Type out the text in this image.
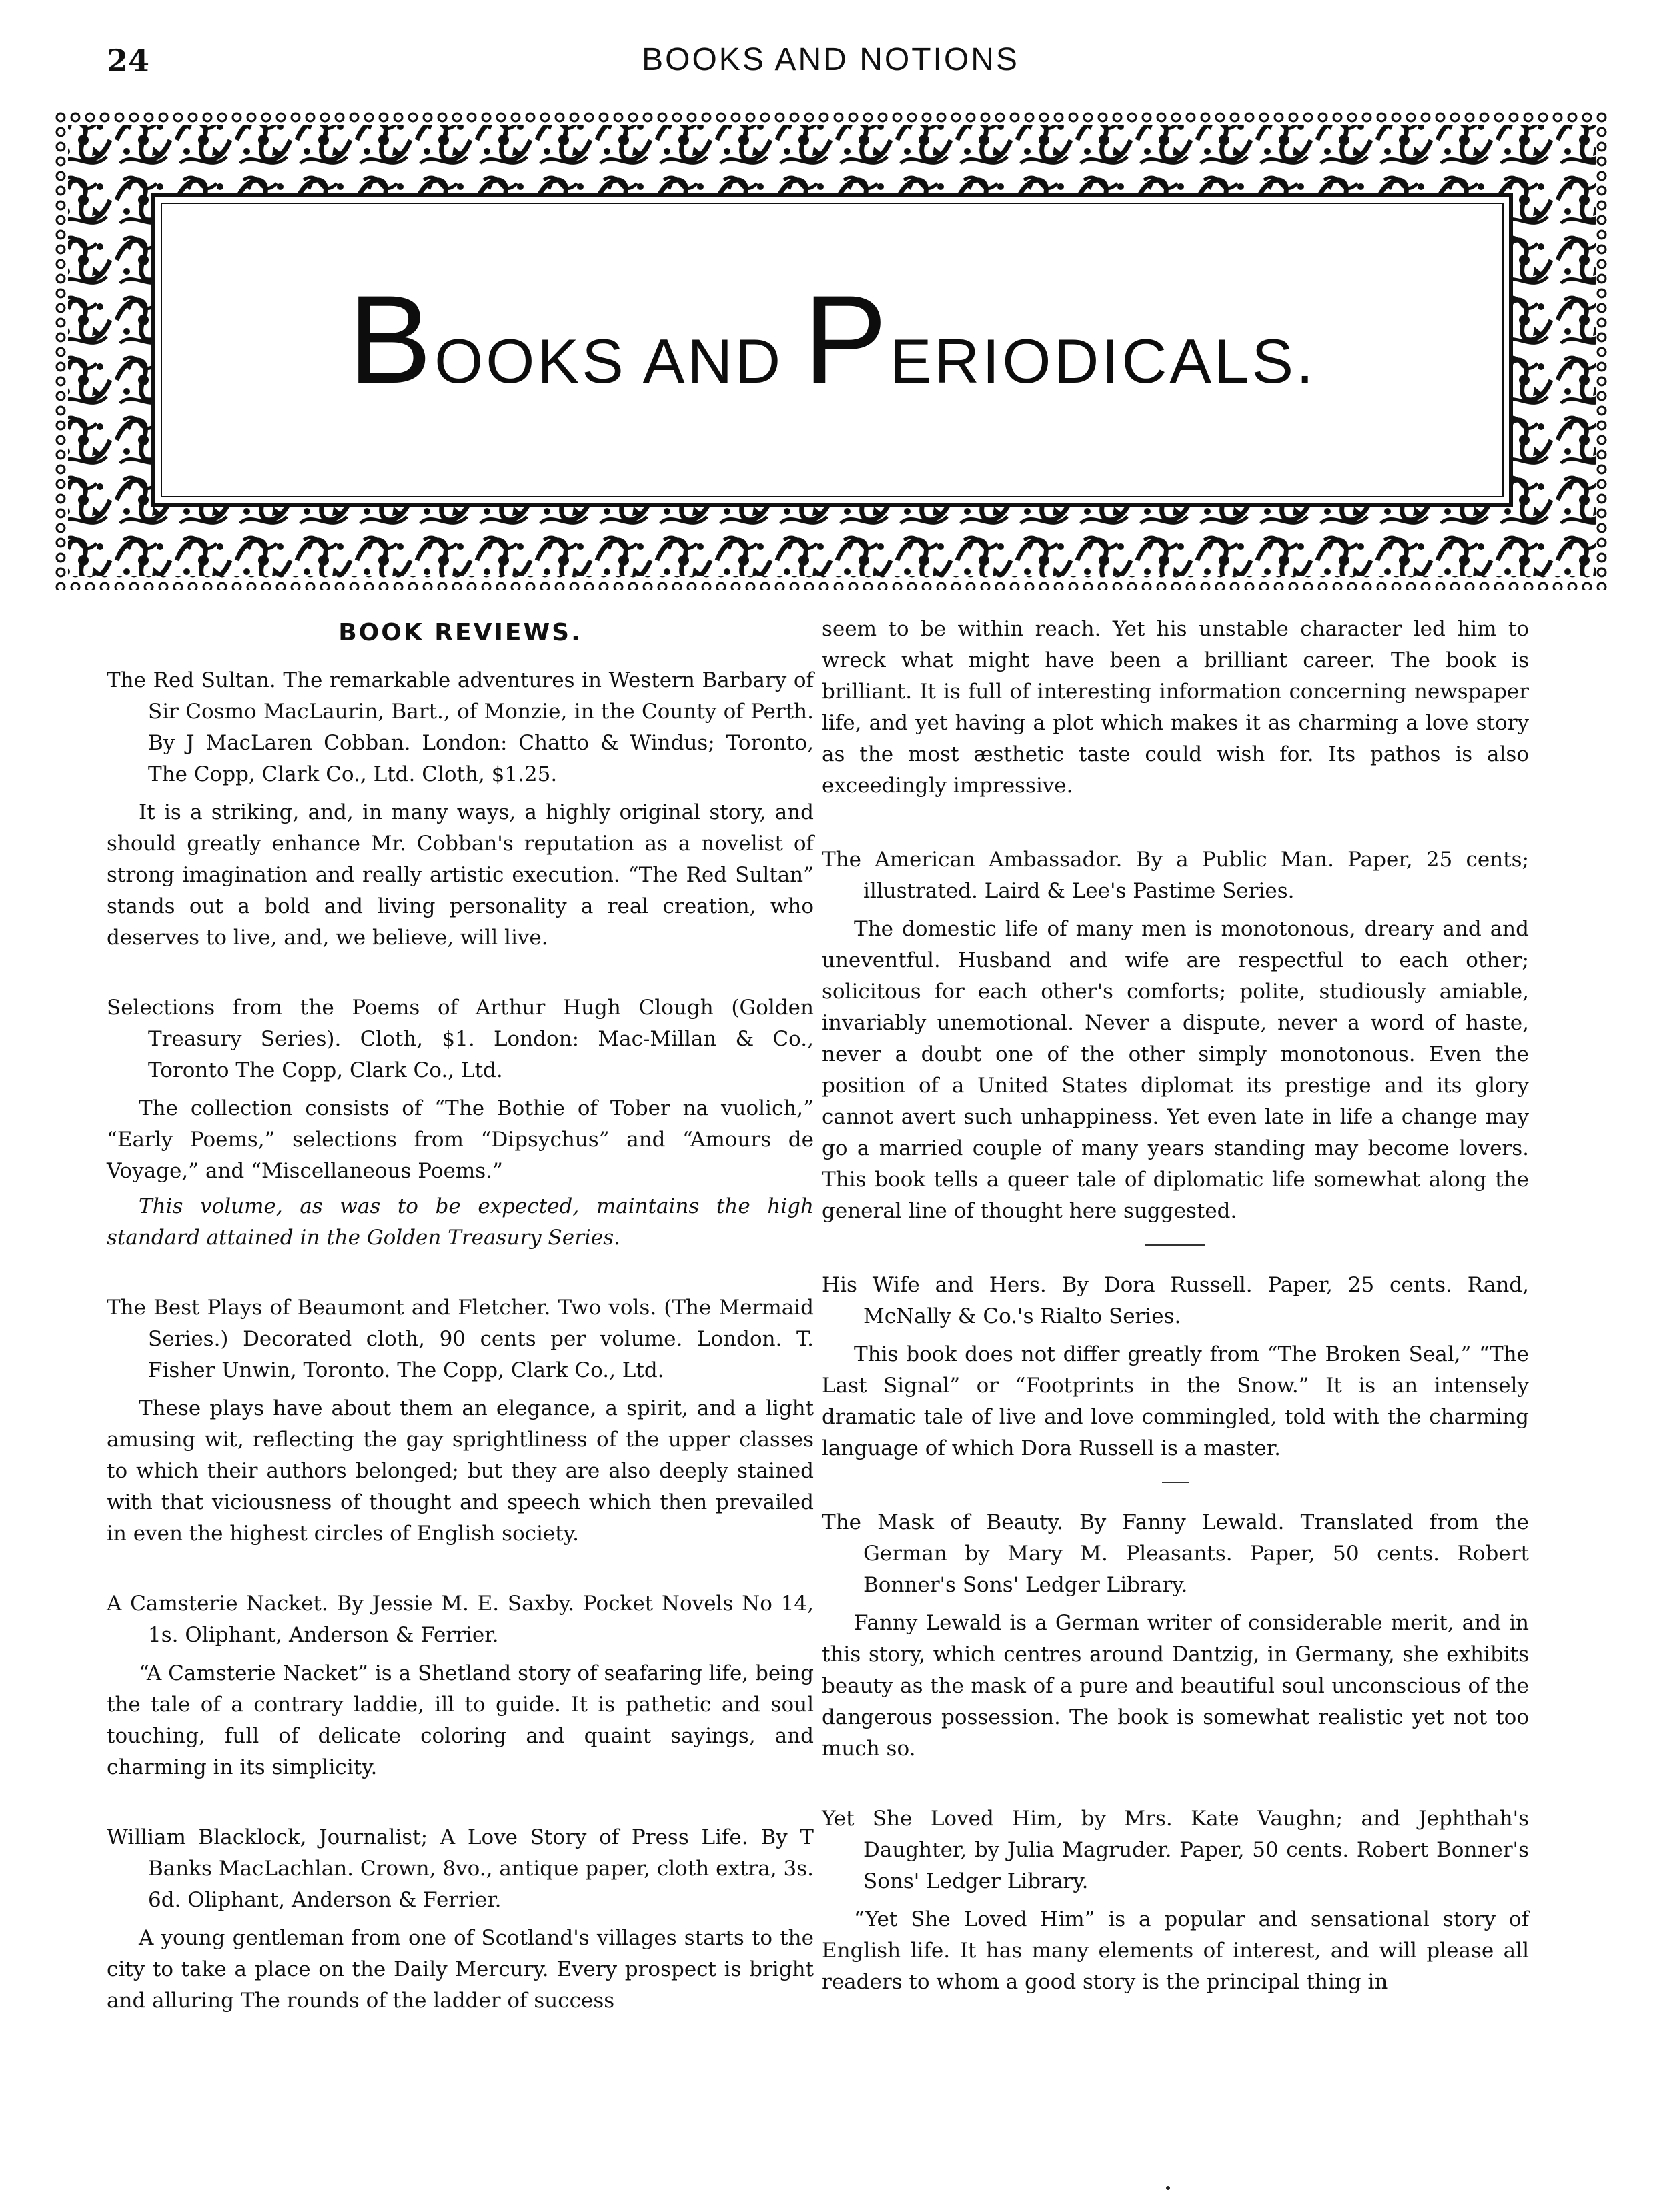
24	BOOKS AND NOTIONS
BOOKS AND PERIODICALS.
BOOK REVIEWS.

The Red Sultan. The remarkable adventures in Western Barbary of Sir Cosmo MacLaurin, Bart., of Monzie, in the County of Perth. By J MacLaren Cobban. London: Chatto & Windus; Toronto, The Copp, Clark Co., Ltd. Cloth, $1.25.

It is a striking, and, in many ways, a highly original story, and should greatly enhance Mr. Cobban's reputation as a novelist of strong imagination and really artistic execution. “The Red Sultan” stands out a bold and living personality a real creation, who deserves to live, and, we believe, will live.

Selections from the Poems of Arthur Hugh Clough (Golden Treasury Series). Cloth, $1. London: Mac-Millan & Co., Toronto The Copp, Clark Co., Ltd.

The collection consists of “The Bothie of Tober na vuolich,” “Early Poems,” selections from “Dipsychus” and “Amours de Voyage,” and “Miscellaneous Poems.”

This volume, as was to be expected, maintains the high standard attained in the Golden Treasury Series.

The Best Plays of Beaumont and Fletcher. Two vols. (The Mermaid Series.) Decorated cloth, 90 cents per volume. London. T. Fisher Unwin, Toronto. The Copp, Clark Co., Ltd.

These plays have about them an elegance, a spirit, and a light amusing wit, reflecting the gay sprightliness of the upper classes to which their authors belonged; but they are also deeply stained with that viciousness of thought and speech which then prevailed in even the highest circles of English society.

A Camsterie Nacket. By Jessie M. E. Saxby. Pocket Novels No 14, 1s. Oliphant, Anderson & Ferrier.

“A Camsterie Nacket” is a Shetland story of seafaring life, being the tale of a contrary laddie, ill to guide. It is pathetic and soul touching, full of delicate coloring and quaint sayings, and charming in its simplicity.

William Blacklock, Journalist; A Love Story of Press Life. By T Banks MacLachlan. Crown, 8vo., antique paper, cloth extra, 3s. 6d. Oliphant, Anderson & Ferrier.

A young gentleman from one of Scotland's villages starts to the city to take a place on the Daily Mercury. Every prospect is bright and alluring The rounds of the ladder of success

seem to be within reach. Yet his unstable character led him to wreck what might have been a brilliant career. The book is brilliant. It is full of interesting information concerning newspaper life, and yet having a plot which makes it as charming a love story as the most æsthetic taste could wish for. Its pathos is also exceedingly impressive.

The American Ambassador. By a Public Man. Paper, 25 cents; illustrated. Laird & Lee's Pastime Series.

The domestic life of many men is monotonous, dreary and and uneventful. Husband and wife are respectful to each other; solicitous for each other's comforts; polite, studiously amiable, invariably unemotional. Never a dispute, never a word of haste, never a doubt one of the other simply monotonous. Even the position of a United States diplomat its prestige and its glory cannot avert such unhappiness. Yet even late in life a change may go a married couple of many years standing may become lovers. This book tells a queer tale of diplomatic life somewhat along the general line of thought here suggested.

His Wife and Hers. By Dora Russell. Paper, 25 cents. Rand, McNally & Co.'s Rialto Series.

This book does not differ greatly from “The Broken Seal,” “The Last Signal” or “Footprints in the Snow.” It is an intensely dramatic tale of live and love commingled, told with the charming language of which Dora Russell is a master.

The Mask of Beauty. By Fanny Lewald. Translated from the German by Mary M. Pleasants. Paper, 50 cents. Robert Bonner's Sons' Ledger Library.

Fanny Lewald is a German writer of considerable merit, and in this story, which centres around Dantzig, in Germany, she exhibits beauty as the mask of a pure and beautiful soul unconscious of the dangerous possession. The book is somewhat realistic yet not too much so.

Yet She Loved Him, by Mrs. Kate Vaughn; and Jephthah's Daughter, by Julia Magruder. Paper, 50 cents. Robert Bonner's Sons' Ledger Library.

“Yet She Loved Him” is a popular and sensational story of English life. It has many elements of interest, and will please all readers to whom a good story is the principal thing in
